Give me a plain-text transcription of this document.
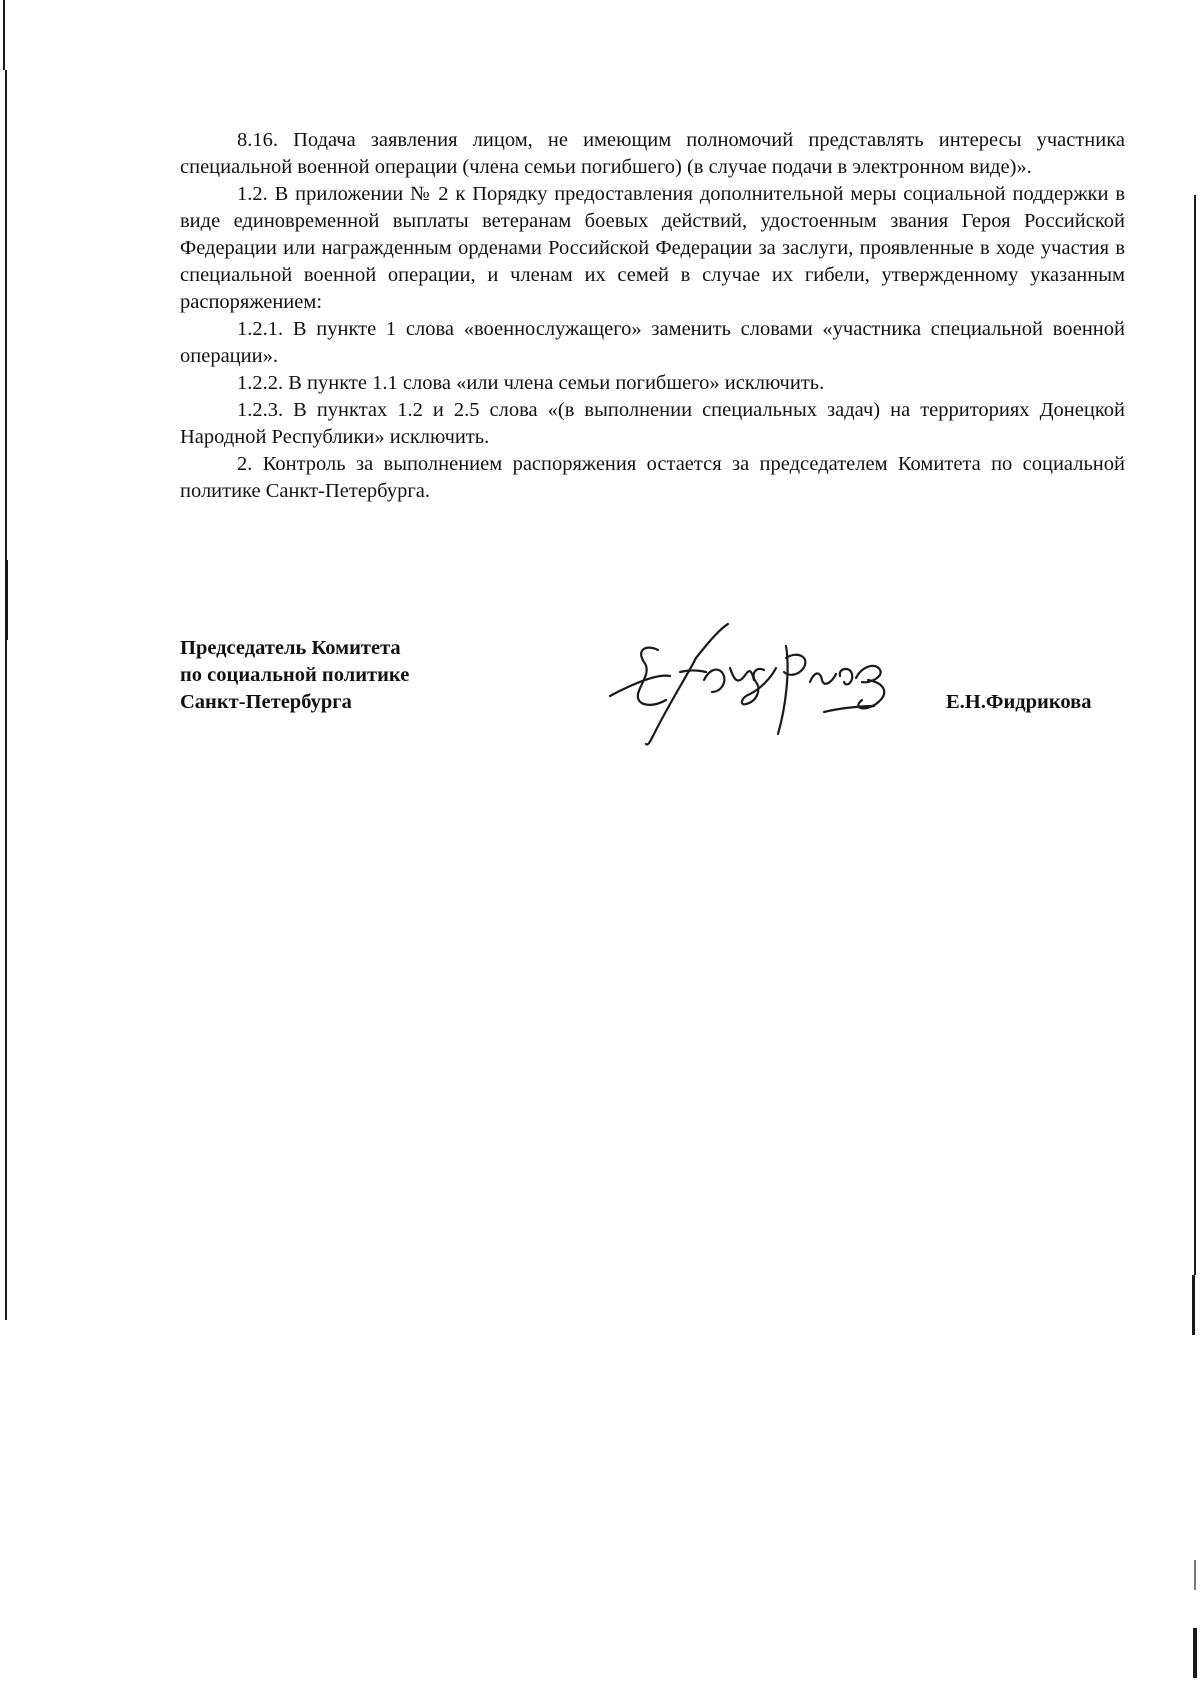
8.16. Подача заявления лицом, не имеющим полномочий представлять интересы участника специальной военной операции (члена семьи погибшего) (в случае подачи в электронном виде)».

1.2. В приложении № 2 к Порядку предоставления дополнительной меры социальной поддержки в виде единовременной выплаты ветеранам боевых действий, удостоенным звания Героя Российской Федерации или награжденным орденами Российской Федерации за заслуги, проявленные в ходе участия в специальной военной операции, и членам их семей в случае их гибели, утвержденному указанным распоряжением:

1.2.1. В пункте 1 слова «военнослужащего» заменить словами «участника специальной военной операции».

1.2.2. В пункте 1.1 слова «или члена семьи погибшего» исключить.

1.2.3. В пунктах 1.2 и 2.5 слова «(в выполнении специальных задач) на территориях Донецкой Народной Республики» исключить.

2. Контроль за выполнением распоряжения остается за председателем Комитета по социальной политике Санкт-Петербурга.

Председатель Комитета
по социальной политике
Санкт-Петербурга	Е.Н.Фидрикова
